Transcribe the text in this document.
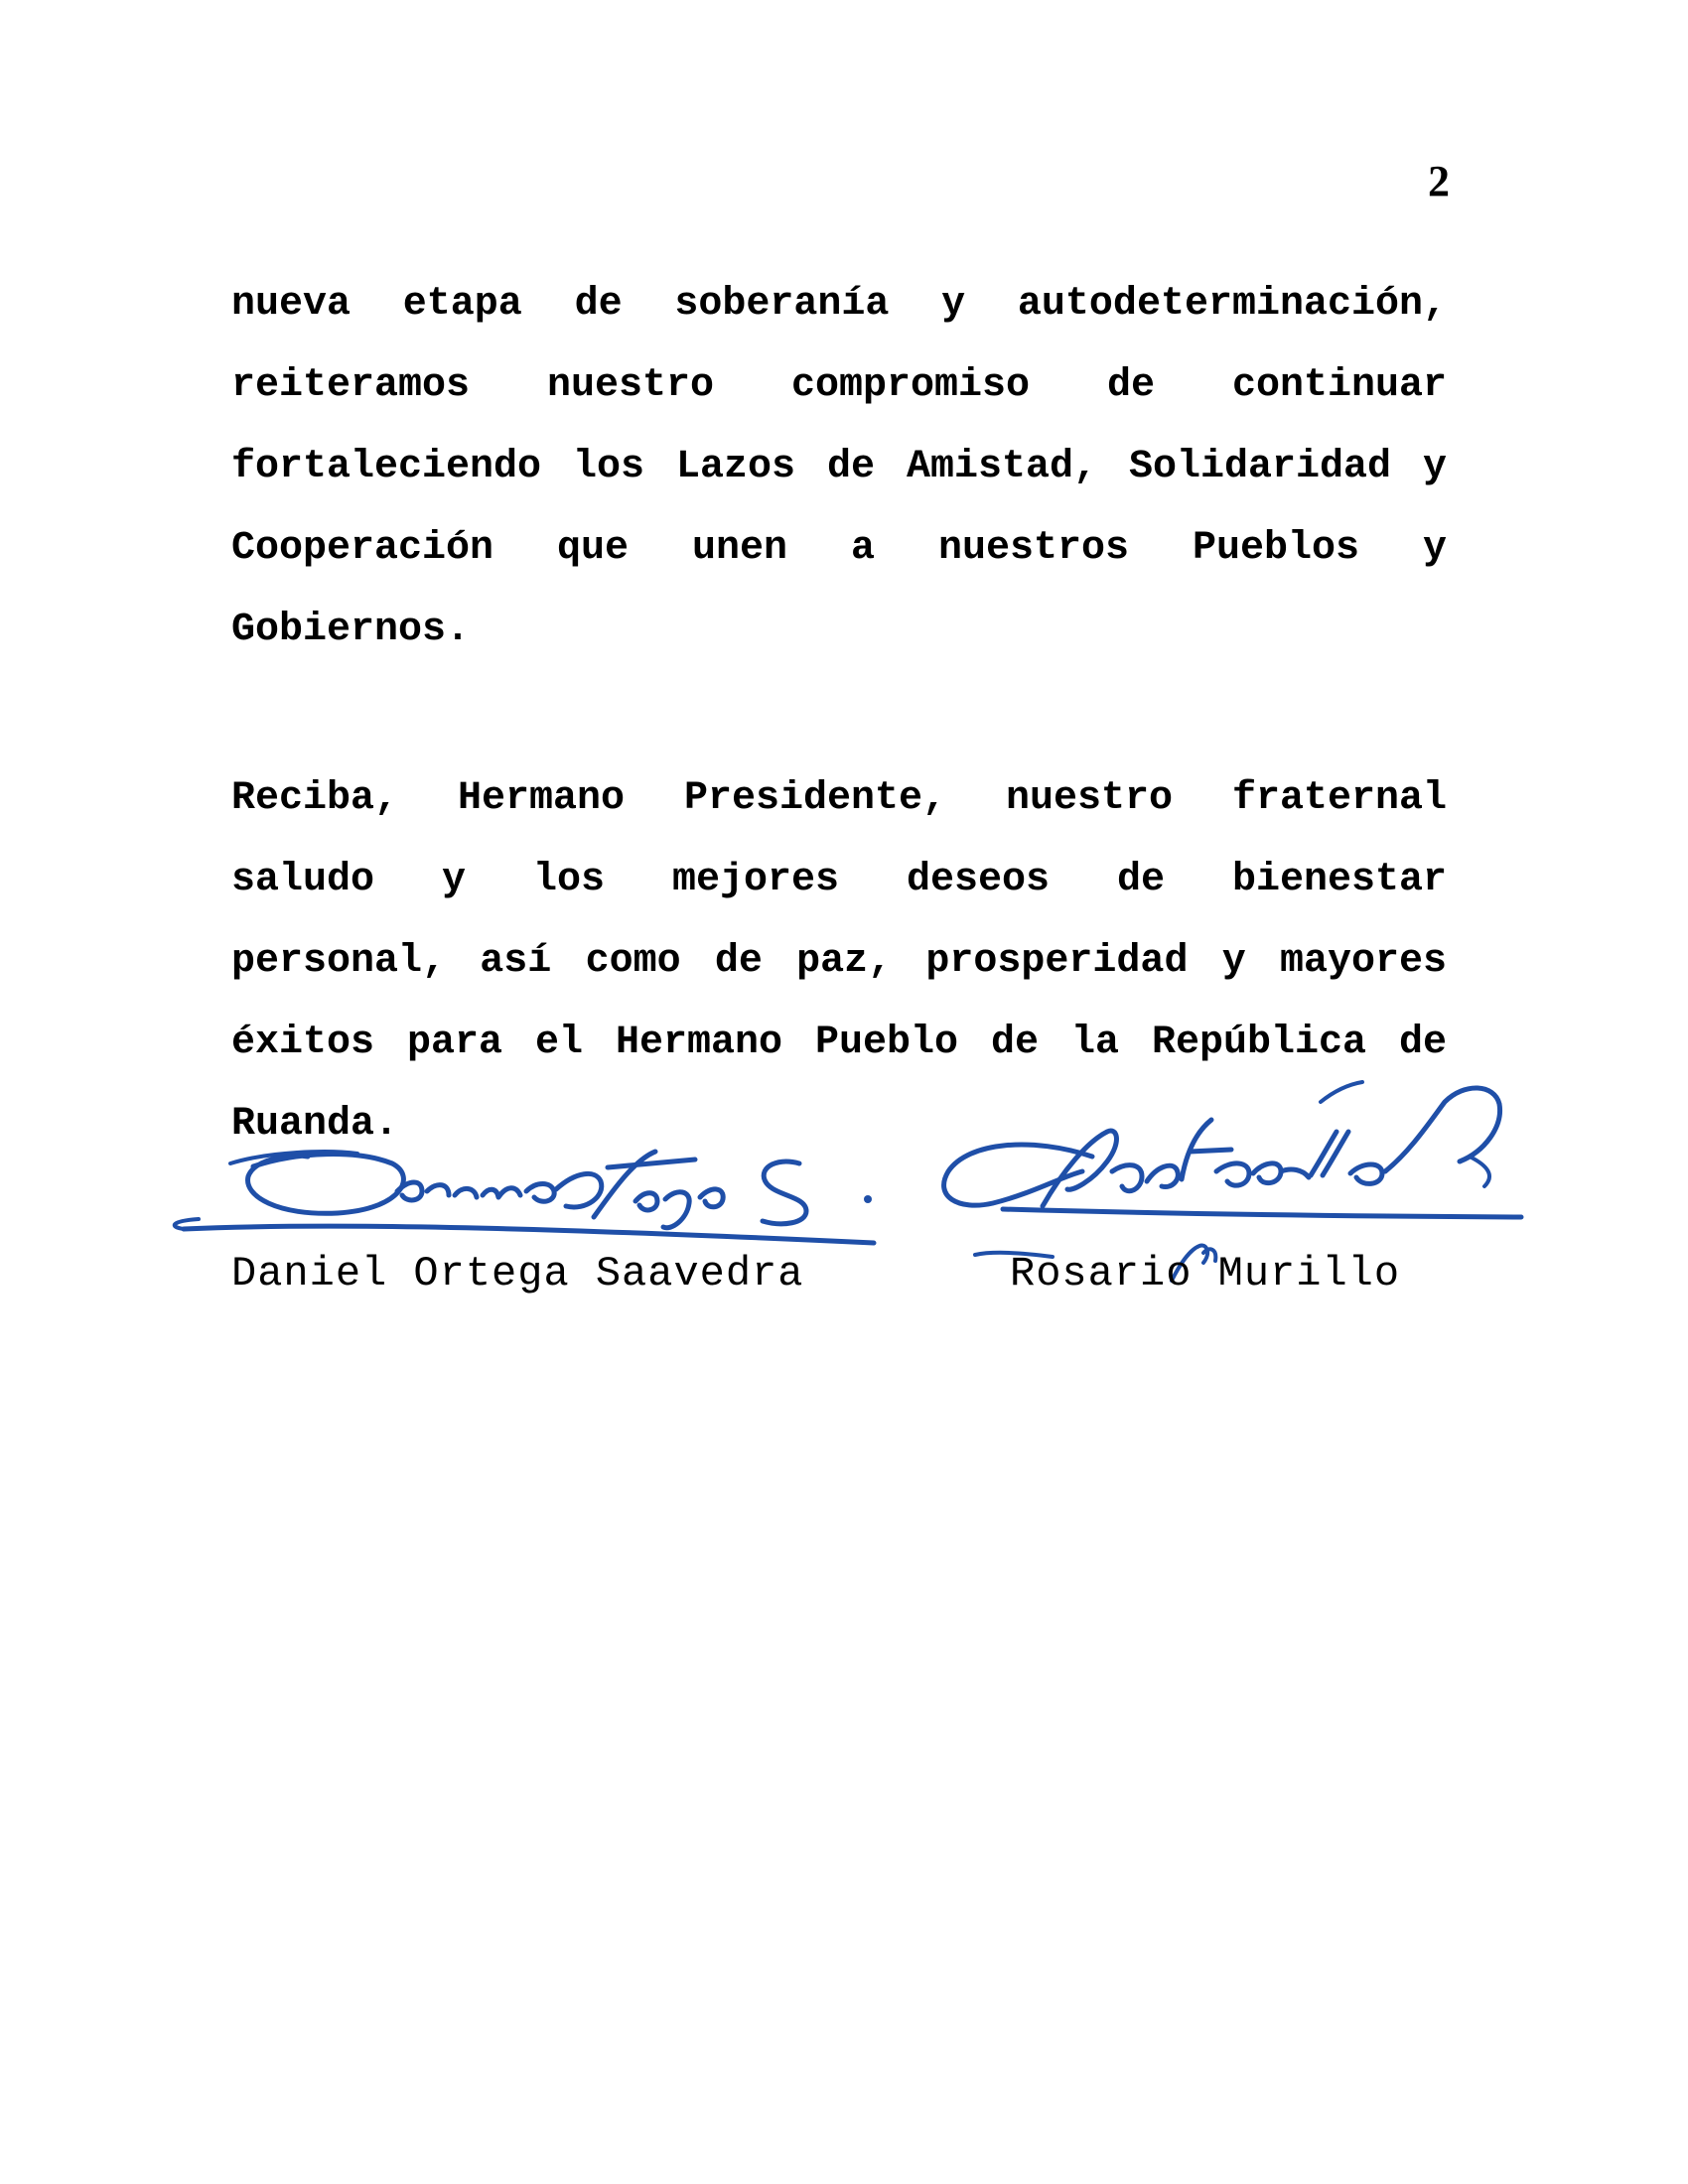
2

nueva etapa de soberanía y autodeterminación, reiteramos nuestro compromiso de continuar fortaleciendo los Lazos de Amistad, Solidaridad y Cooperación que unen a nuestros Pueblos y Gobiernos.

Reciba, Hermano Presidente, nuestro fraternal saludo y los mejores deseos de bienestar personal, así como de paz, prosperidad y mayores éxitos para el Hermano Pueblo de la República de Ruanda.

Daniel Ortega Saavedra	Rosario Murillo
